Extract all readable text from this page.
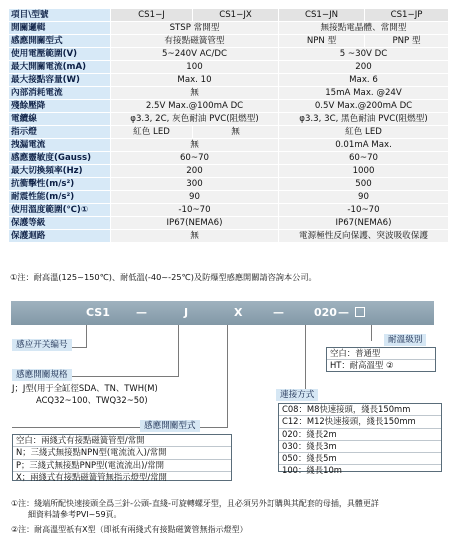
項目\型號	CS1−J	CS1−JX	CS1−JN	CS1−JP
開關邏輯	STSP 常開型		無接點電晶體、常開型	
感應開關型式	有接點磁簧管型		NPN 型	PNP 型
使用電壓範圍(V)	5~240V AC/DC		5 ~30V DC	
最大開關電流(mA)	100		200	
最大接點容量(W)	Max. 10		Max. 6	
內部消耗電流	無		15mA Max. @24V	
殘餘壓降	2.5V Max.@100mA DC		0.5V Max.@200mA DC	
電纜線	φ3.3, 2C, 灰色耐油 PVC(阻燃型)		φ3.3, 3C, 黑色耐油 PVC(阻燃型)	
指示燈	紅色 LED	無	紅色 LED	
拽漏電流	無		0.01mA Max.	
感應靈敏度(Gauss)	60~70		60~70	
最大切換頻率(Hz)	200		1000	
抗衝擊性(m/s²)	300		500	
耐震性能(m/s²)	90		90	
使用溫度範圍(℃)①	-10~70		-10~70	
保護等級	IP67(NEMA6)		IP67(NEMA6)	
保護迴路	無		電源極性反向保護、突波吸收保護	
①注：耐高溫(125~150℃)、耐低溫(-40~-25℃)及防爆型感應開關請咨詢本公司。
CS1 —	J	X	—	020 —
耐溫級別
空白：普通型
HT：耐高溫型 ②
感应开关编号
感應開關規格
J；J型(用于全缸徑SDA、TN、TWH(M)
ACQ32~100、TWQ32~50)	連接方式
C08：M8快速接頭，綫長150mm
C12：M12快速接頭，綫長150mm
020：綫長2m
030：綫長3m
050：綫長5m
100：綫長10m
感應開關型式
空白：兩綫式有接點磁簧管型/常開
N；三綫式無接點NPN型(電流流入)/常開
P；三綫式無接點PNP型(電流流出)/常開
X；兩綫式有接點磁簧管無指示燈型/常開
①注：綫端所配快速接頭全爲三針-公頭-直綫-可旋轉螺牙型，且必須另外訂購與其配套的母插，具體更詳
細資料請參考PVI~59頁。
②注：耐高溫型祇有X型（即祇有兩綫式有接點磁簧管無指示燈型）
